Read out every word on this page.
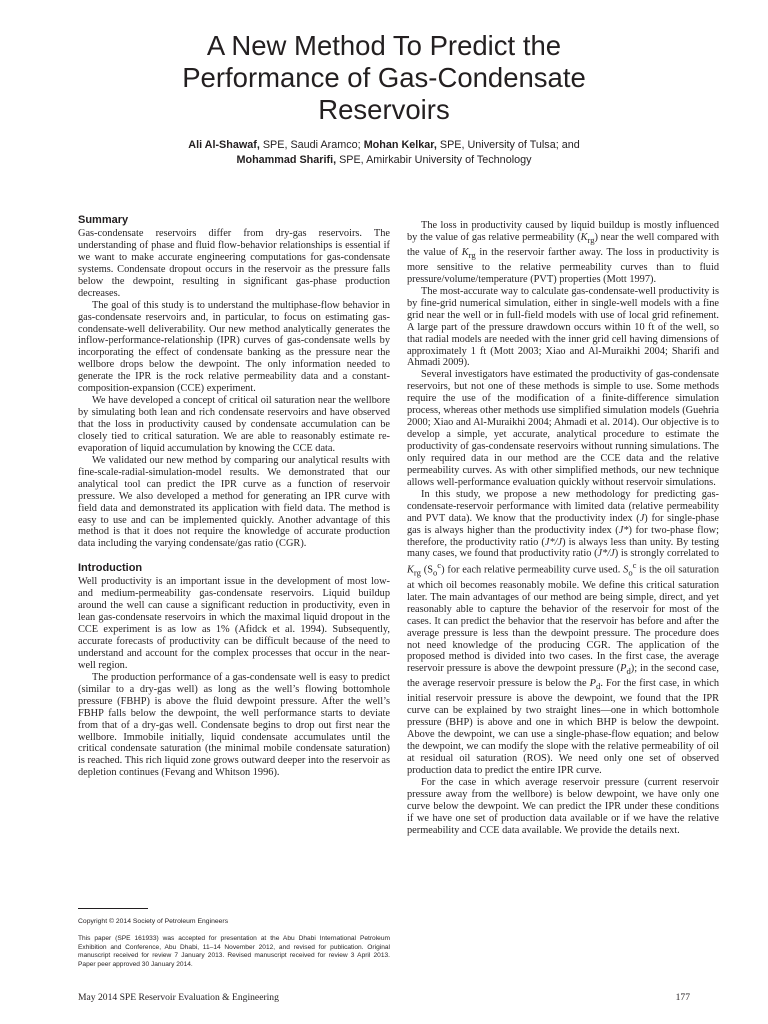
A New Method To Predict the
Performance of Gas-Condensate
Reservoirs
Ali Al-Shawaf, SPE, Saudi Aramco; Mohan Kelkar, SPE, University of Tulsa; and
Mohammad Sharifi, SPE, Amirkabir University of Technology
Summary

Gas-condensate reservoirs differ from dry-gas reservoirs. The understanding of phase and fluid flow-behavior relationships is essential if we want to make accurate engineering computations for gas-condensate systems. Condensate dropout occurs in the reservoir as the pressure falls below the dewpoint, resulting in significant gas-phase production decreases.

The goal of this study is to understand the multiphase-flow behavior in gas-condensate reservoirs and, in particular, to focus on estimating gas-condensate-well deliverability. Our new method analytically generates the inflow-performance-relationship (IPR) curves of gas-condensate wells by incorporating the effect of condensate banking as the pressure near the wellbore drops below the dewpoint. The only information needed to generate the IPR is the rock relative permeability data and a constant-composition-expansion (CCE) experiment.

We have developed a concept of critical oil saturation near the wellbore by simulating both lean and rich condensate reservoirs and have observed that the loss in productivity caused by condensate accumulation can be closely tied to critical saturation. We are able to reasonably estimate re-evaporation of liquid accumulation by knowing the CCE data.

We validated our new method by comparing our analytical results with fine-scale-radial-simulation-model results. We demonstrated that our analytical tool can predict the IPR curve as a function of reservoir pressure. We also developed a method for generating an IPR curve with field data and demonstrated its application with field data. The method is easy to use and can be implemented quickly. Another advantage of this method is that it does not require the knowledge of accurate production data including the varying condensate/gas ratio (CGR).

Introduction

Well productivity is an important issue in the development of most low- and medium-permeability gas-condensate reservoirs. Liquid buildup around the well can cause a significant reduction in productivity, even in lean gas-condensate reservoirs in which the maximal liquid dropout in the CCE experiment is as low as 1% (Afidck et al. 1994). Subsequently, accurate forecasts of productivity can be difficult because of the need to understand and account for the complex processes that occur in the near-well region.

The production performance of a gas-condensate well is easy to predict (similar to a dry-gas well) as long as the well’s flowing bottomhole pressure (FBHP) is above the fluid dewpoint pressure. After the well’s FBHP falls below the dewpoint, the well performance starts to deviate from that of a dry-gas well. Condensate begins to drop out first near the wellbore. Immobile initially, liquid condensate accumulates until the critical condensate saturation (the minimal mobile condensate saturation) is reached. This rich liquid zone grows outward deeper into the reservoir as depletion continues (Fevang and Whitson 1996).

The loss in productivity caused by liquid buildup is mostly influenced by the value of gas relative permeability $(K_{rg})$ near the well compared with the value of $K_{rg}$ in the reservoir farther away. The loss in productivity is more sensitive to the relative permeability curves than to fluid pressure/volume/temperature (PVT) properties (Mott 1997).

The most-accurate way to calculate gas-condensate-well productivity is by fine-grid numerical simulation, either in single-well models with a fine grid near the well or in full-field models with use of local grid refinement. A large part of the pressure drawdown occurs within 10 ft of the well, so that radial models are needed with the inner grid cell having dimensions of approximately 1 ft (Mott 2003; Xiao and Al-Muraikhi 2004; Sharifi and Ahmadi 2009).

Several investigators have estimated the productivity of gas-condensate reservoirs, but not one of these methods is simple to use. Some methods require the use of the modification of a finite-difference simulation process, whereas other methods use simplified simulation models (Guehria 2000; Xiao and Al-Muraikhi 2004; Ahmadi et al. 2014). Our objective is to develop a simple, yet accurate, analytical procedure to estimate the productivity of gas-condensate reservoirs without running simulations. The only required data in our method are the CCE data and the relative permeability curves. As with other simplified methods, our new technique allows well-performance evaluation quickly without reservoir simulations.

In this study, we propose a new methodology for predicting gas-condensate-reservoir performance with limited data (relative permeability and PVT data). We know that the productivity index (J) for single-phase gas is always higher than the productivity index (J*) for two-phase flow; therefore, the productivity ratio (J*/J) is always less than unity. By testing many cases, we found that productivity ratio (J*/J) is strongly correlated to $K_{rg}$ $(S_o^c)$ for each relative permeability curve used. $S_o^c$ is the oil saturation at which oil becomes reasonably mobile. We define this critical saturation later. The main advantages of our method are being simple, direct, and yet reasonably able to capture the behavior of the reservoir for most of the cases. It can predict the behavior that the reservoir has before and after the average pressure is less than the dewpoint pressure. The procedure does not need knowledge of the producing CGR. The application of the proposed method is divided into two cases. In the first case, the average reservoir pressure is above the dewpoint pressure $(P_d)$; in the second case, the average reservoir pressure is below the $P_d$. For the first case, in which initial reservoir pressure is above the dewpoint, we found that the IPR curve can be explained by two straight lines—one in which bottomhole pressure (BHP) is above and one in which BHP is below the dewpoint. Above the dewpoint, we can use a single-phase-flow equation; and below the dewpoint, we can modify the slope with the relative permeability of oil at residual oil saturation (ROS). We need only one set of observed production data to predict the entire IPR curve.

For the case in which average reservoir pressure (current reservoir pressure away from the wellbore) is below dewpoint, we have only one curve below the dewpoint. We can predict the IPR under these conditions if we have one set of production data available or if we have the relative permeability and CCE data available. We provide the details next.

Copyright © 2014 Society of Petroleum Engineers
This paper (SPE 161933) was accepted for presentation at the Abu Dhabi International Petroleum Exhibition and Conference, Abu Dhabi, 11–14 November 2012, and revised for publication. Original manuscript received for review 7 January 2013. Revised manuscript received for review 3 April 2013. Paper peer approved 30 January 2014.
May 2014 SPE Reservoir Evaluation & Engineering	177
